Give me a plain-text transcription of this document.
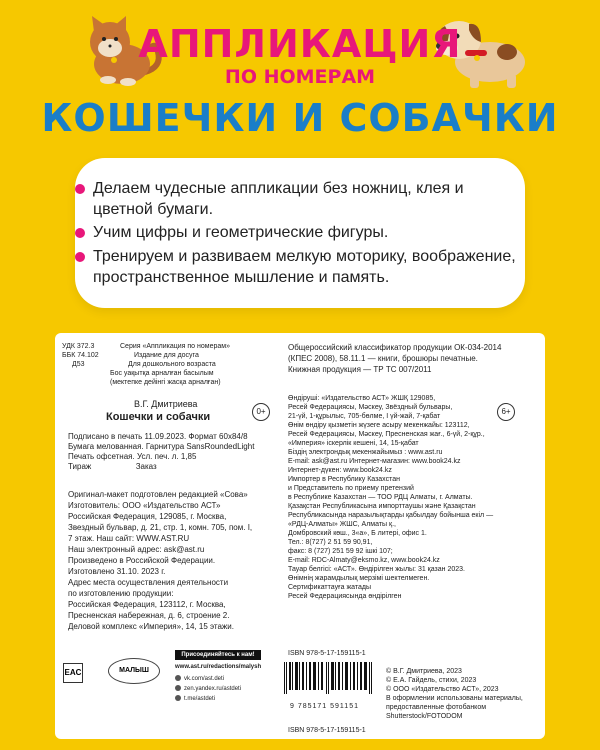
АППЛИКАЦИЯ
ПО НОМЕРАМ
КОШЕЧКИ И СОБАЧКИ
Делаем чудесные аппликации без ножниц, клея и цветной бумаги.
Учим цифры и геометрические фигуры.
Тренируем и развиваем мелкую моторику, воображение, пространственное мышление и память.
УДК 372.3
ББК 74.102
Д53
Серия «Аппликация по номерам»
Издание для досуга
Для дошкольного возраста
Бос уақытқа арналған басылым
(мектепке дейінгі жасқа арналған)
Общероссийский классификатор продукции ОК-034-2014
(КПЕС 2008), 58.11.1 — книги, брошюры печатные.
Книжная продукция — ТР ТС 007/2011
В.Г. Дмитриева
Кошечки и собачки	0+	6+
Подписано в печать 11.09.2023. Формат 60х84/8
Бумага мелованная. Гарнитура SansRoundedLight
Печать офсетная. Усл. печ. л. 1,85
Тираж                    Заказ
Оригинал-макет подготовлен редакцией «Сова»
Изготовитель: ООО «Издательство АСТ»
Российская Федерация, 129085, г. Москва,
Звездный бульвар, д. 21, стр. 1, комн. 705, пом. I,
7 этаж. Наш сайт: WWW.AST.RU
Наш электронный адрес: ask@ast.ru
Произведено в Российской Федерации.
Изготовлено 31.10. 2023 г.
Адрес места осуществления деятельности
по изготовлению продукции:
Российская Федерация, 123112, г. Москва,
Пресненская набережная, д. 6, строение 2.
Деловой комплекс «Империя», 14, 15 этажи.
Өндіруші: «Издательство АСТ» ЖШҚ 129085,
Ресей Федерациясы, Мәскеу, Звёздный бульвары,
21-үй, 1-құрылыс, 705-бөлме, I үй-жай, 7-қабат
Өнім өндіру қызметін жүзеге асыру мекенжайы: 123112,
Ресей Федерациясы, Мәскеу, Пресненская жағ., 6-үй, 2-құр.,
«Империя» іскерлік кешені, 14, 15-қабат
Біздің электрондық мекенжайымыз : www.ast.ru
E-mail: ask@ast.ru Интернет-магазин: www.book24.kz
Интернет-дүкен: www.book24.kz
Импортер в Республику Казахстан
и Представитель по приему претензий
в Республике Казахстан — ТОО РДЦ Алматы, г. Алматы.
Қазақстан Республикасына импорттаушы және Қазақстан
Республикасында наразылықтарды қабылдау бойынша екіл —
«РДЦ-Алматы» ЖШС, Алматы қ.,
Домбровский көш., 3«а», Б литері, офис 1.
Тел.: 8(727) 2 51 59 90,91,
факс: 8 (727) 251 59 92 ішкі 107;
E-mail: RDC-Almaty@eksmo.kz, www.book24.kz
Тауар белгісі: «АСТ». Өндірілген жылы: 31 қазан 2023.
Өнімнің жарамдылық мерзімі шектелмеген.
Сертификаттауға жатады
Ресей Федерациясында өндірілген
EAC	МАЛЫШ
Присоединяйтесь к нам!
www.ast.ru/redactions/malysh
vk.com/ast.deti
zen.yandex.ru/astdeti
t.me/astdeti
ISBN 978-5-17-159115-1
9 785171 591151
ISBN 978-5-17-159115-1
© В.Г. Дмитриева, 2023
© Е.А. Гайдель, стихи, 2023
© ООО «Издательство АСТ», 2023
В оформлении использованы материалы,
предоставленные фотобанком
Shutterstock/FOTODOM
